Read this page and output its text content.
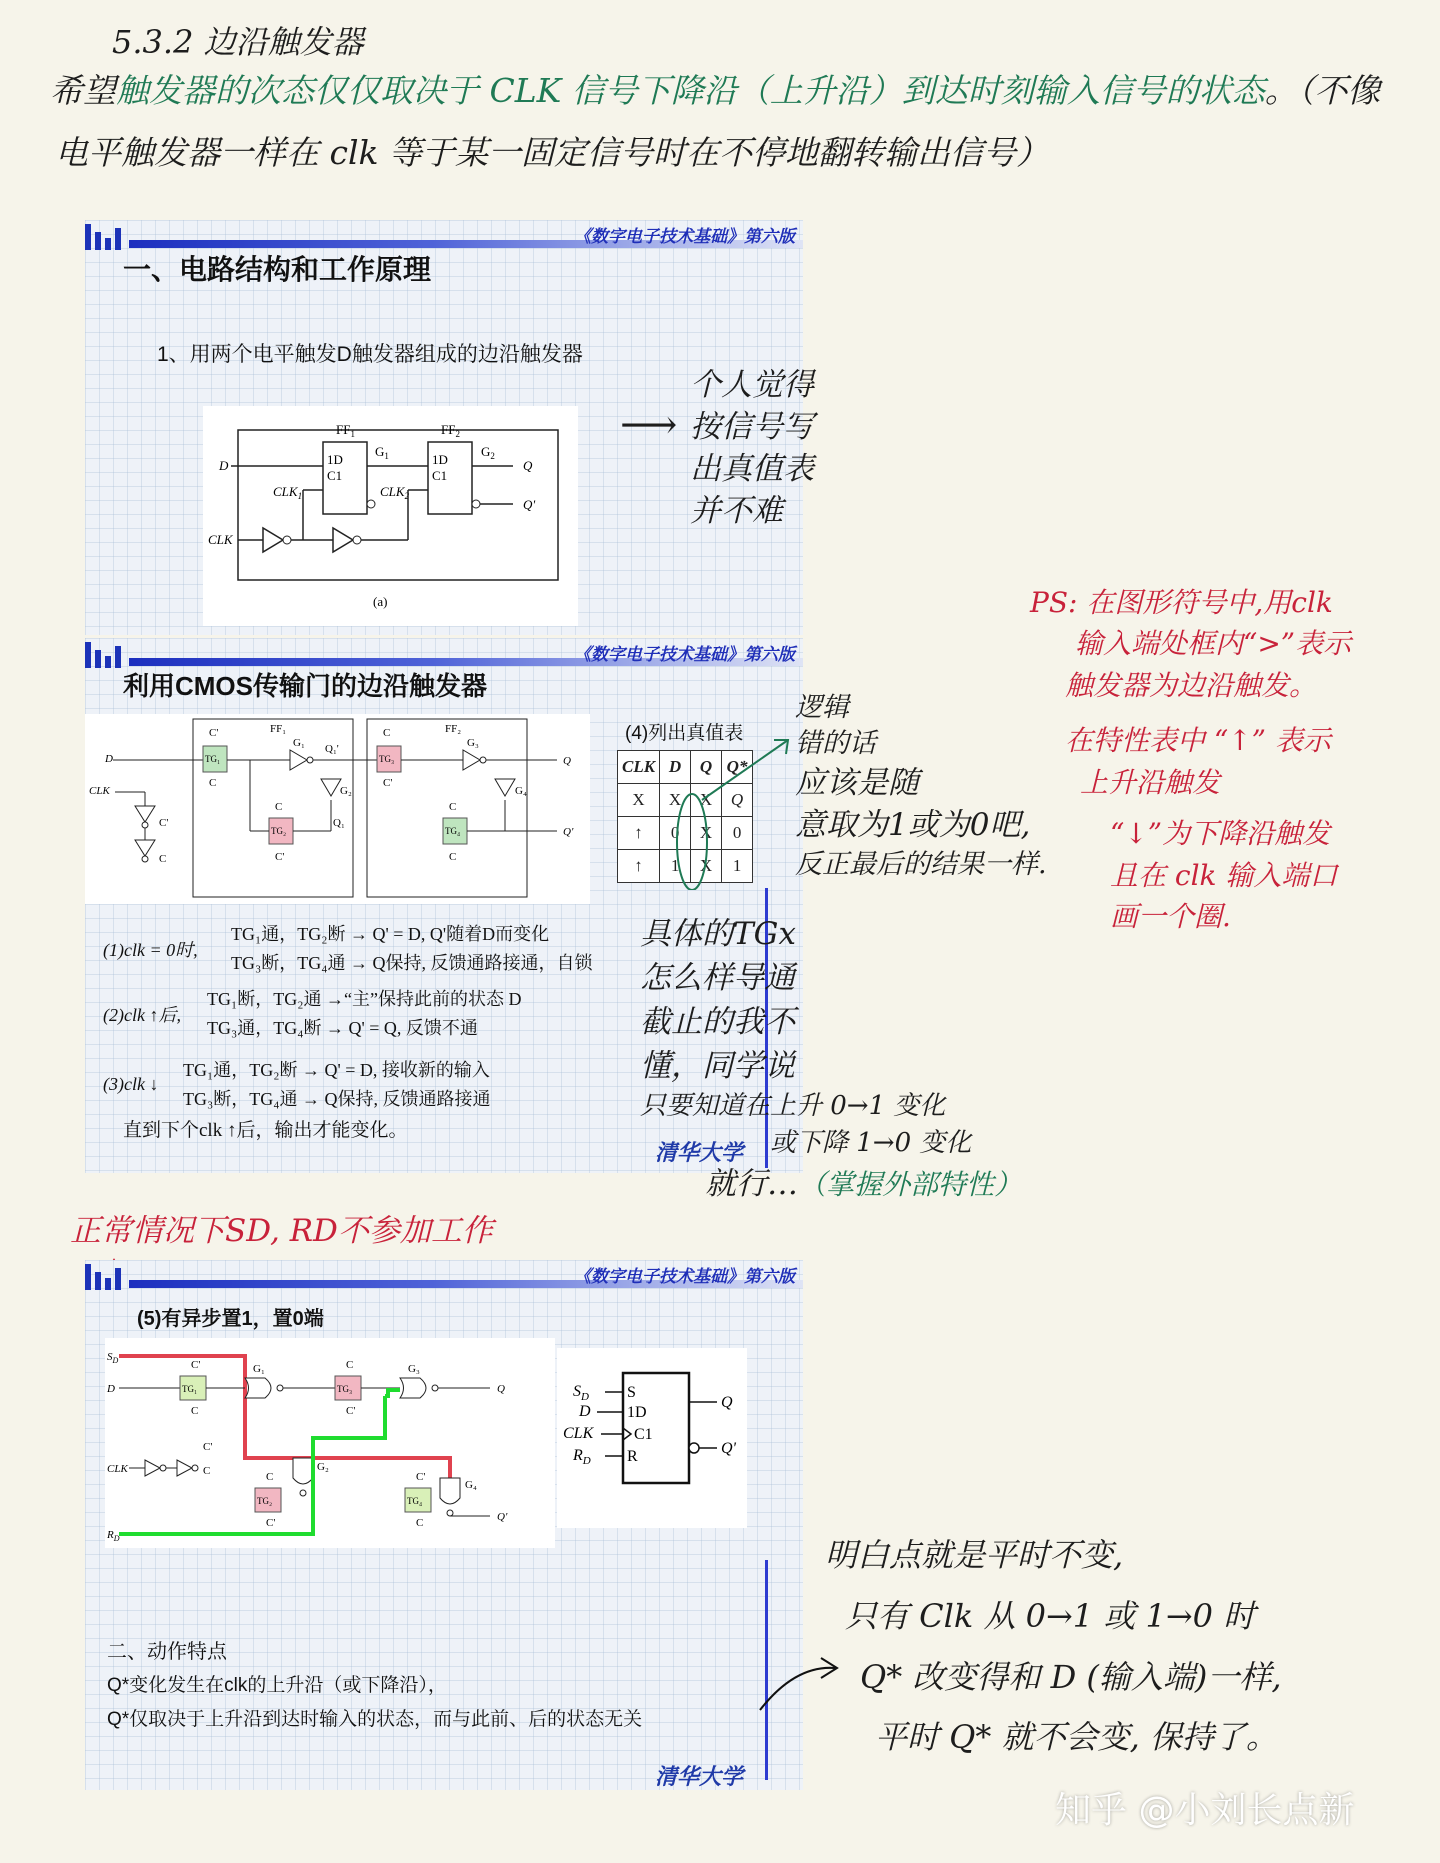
5.3.2 边沿触发器
希望触发器的次态仅仅取决于 CLK 信号下降沿（上升沿）到达时刻输入信号的状态。（不像
电平触发器一样在 clk 等于某一固定信号时在不停地翻转输出信号）
《数字电子技术基础》第六版
一、电路结构和工作原理
1、用两个电平触发D触发器组成的边沿触发器
D
$FF_1$
1D
C1
$CLK_1$
$G_1$
$FF_2$
1D
C1
$CLK_2$
$G_2$
Q
Q'
CLK
(a)
⟶
个人觉得
按信号写
出真值表
并不难
《数字电子技术基础》第六版
利用CMOS传输门的边沿触发器
D	TG₁
C'
C
FF₁
G₁ Q₁'
G₂
TG₂
C
C'
Q₁
TG₃
C
C'
FF₂
G₃
Q
G₄
TG₄
C
C
Q'
CLK
C'
C
(4)列出真值表
CLK	D	Q	Q*
X	X	X	Q
↑	0	X	0
↑	1	X	1
(1)clk = 0时,TG₁通，TG₂断 → Q' = D, Q'随着D而变化
TG₃断，TG₄通 → Q保持, 反馈通路接通，自锁
(2)clk ↑后,TG₁断，TG₂通 →“主”保持此前的状态 D
TG₃通，TG₄断 → Q' = Q, 反馈不通
(3)clk ↓TG₁通，TG₂断 → Q' = D, 接收新的输入
TG₃断，TG₄通 → Q保持, 反馈通路接通
直到下个clk ↑后，输出才能变化。
清华大学
逻辑
错的话
应该是随
意取为1或为0吧,
反正最后的结果一样.
PS: 在图形符号中,用clk
输入端处框内“>”表示
触发器为边沿触发。
在特性表中 “↑” 表示
上升沿触发
“↓”为下降沿触发
且在 clk 输入端口
画一个圈.
具体的TGx
怎么样导通
截止的我不
懂，同学说
只要知道在上升 0→1 变化
或下降 1→0 变化
就行…（掌握外部特性）
正常情况下SD, RD不参加工作
《数字电子技术基础》第六版
(5)有异步置1，置0端
$S_D$
D	TG₁
C'
C
G₁
TG₃
C
C'
G₃
Q
G₄
Q'
TG₂
C
C'
G₂
TG₄
C'
C
CLK
C'
C
$R_D$
$S_D$ S
D 1D
CLK	C1
$R_D$ R
Q
Q'
二、动作特点
Q*变化发生在clk的上升沿（或下降沿），
Q*仅取决于上升沿到达时输入的状态，而与此前、后的状态无关
清华大学
明白点就是平时不变,
只有 Clk 从 0→1 或 1→0 时
Q* 改变得和 D (输入端)一样,
平时 Q* 就不会变, 保持了。
知乎 @小刘长点新
